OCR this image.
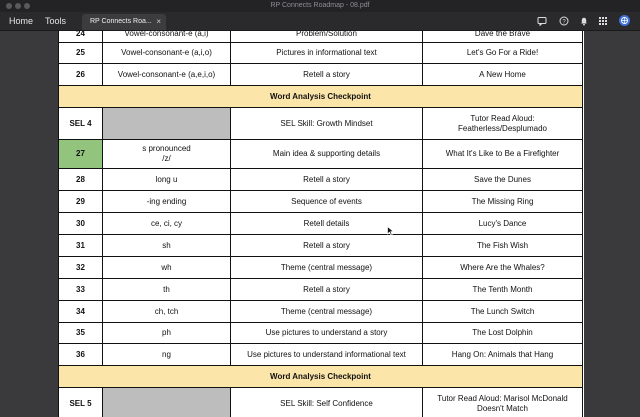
RP Connects Roadmap - 08.pdf
Home Tools	RP Connects Roa... ×	?
24	Vowel-consonant-e (a,i)	Problem/Solution	Dave the Brave
25	Vowel-consonant-e (a,i,o)	Pictures in informational text	Let's Go For a Ride!
26	Vowel-consonant-e (a,e,i,o)	Retell a story	A New Home
Word Analysis Checkpoint			
SEL 4		SEL Skill: Growth Mindset	Tutor Read Aloud:
Featherless/Desplumado
27	s pronounced
/z/	Main idea & supporting details	What It's Like to Be a Firefighter
28	long u	Retell a story	Save the Dunes
29	-ing ending	Sequence of events	The Missing Ring
30	ce, ci, cy	Retell details	Lucy's Dance
31	sh	Retell a story	The Fish Wish
32	wh	Theme (central message)	Where Are the Whales?
33	th	Retell a story	The Tenth Month
34	ch, tch	Theme (central message)	The Lunch Switch
35	ph	Use pictures to understand a story	The Lost Dolphin
36	ng	Use pictures to understand informational text	Hang On: Animals that Hang
Word Analysis Checkpoint			
SEL 5		SEL Skill: Self Confidence	Tutor Read Aloud: Marisol McDonald
Doesn't Match
